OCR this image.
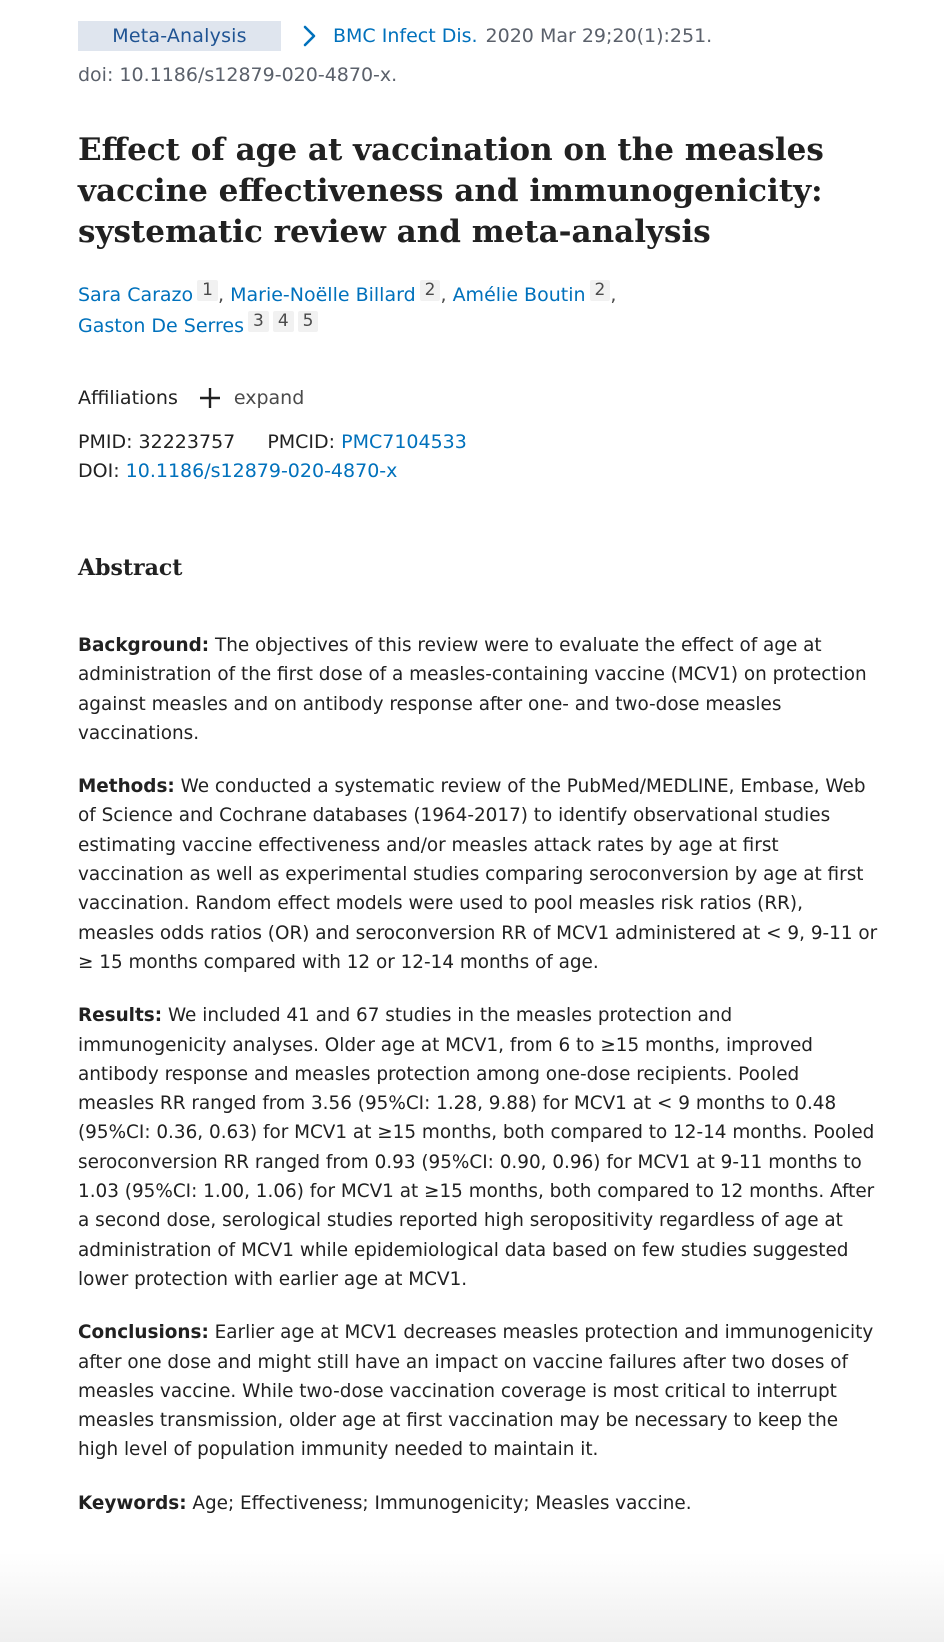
Meta-Analysis	BMC Infect Dis. 2020 Mar 29;20(1):251.
doi: 10.1186/s12879-020-4870-x.
Effect of age at vaccination on the measles vaccine effectiveness and immunogenicity: systematic review and meta-analysis
Sara Carazo 1 , Marie-Noëlle Billard 2 , Amélie Boutin 2 ,
Gaston De Serres 3 4 5
Affiliations	expand
PMID: 32223757 PMCID: PMC7104533
DOI: 10.1186/s12879-020-4870-x
Abstract

Background: The objectives of this review were to evaluate the effect of age at administration of the first dose of a measles-containing vaccine (MCV1) on protection against measles and on antibody response after one- and two-dose measles vaccinations.

Methods: We conducted a systematic review of the PubMed/MEDLINE, Embase, Web of Science and Cochrane databases (1964-2017) to identify observational studies estimating vaccine effectiveness and/or measles attack rates by age at first vaccination as well as experimental studies comparing seroconversion by age at first vaccination. Random effect models were used to pool measles risk ratios (RR), measles odds ratios (OR) and seroconversion RR of MCV1 administered at < 9, 9-11 or ≥ 15 months compared with 12 or 12-14 months of age.

Results: We included 41 and 67 studies in the measles protection and immunogenicity analyses. Older age at MCV1, from 6 to ≥15 months, improved antibody response and measles protection among one-dose recipients. Pooled measles RR ranged from 3.56 (95%CI: 1.28, 9.88) for MCV1 at < 9 months to 0.48 (95%CI: 0.36, 0.63) for MCV1 at ≥15 months, both compared to 12-14 months. Pooled seroconversion RR ranged from 0.93 (95%CI: 0.90, 0.96) for MCV1 at 9-11 months to 1.03 (95%CI: 1.00, 1.06) for MCV1 at ≥15 months, both compared to 12 months. After a second dose, serological studies reported high seropositivity regardless of age at administration of MCV1 while epidemiological data based on few studies suggested lower protection with earlier age at MCV1.

Conclusions: Earlier age at MCV1 decreases measles protection and immunogenicity after one dose and might still have an impact on vaccine failures after two doses of measles vaccine. While two-dose vaccination coverage is most critical to interrupt measles transmission, older age at first vaccination may be necessary to keep the high level of population immunity needed to maintain it.

Keywords: Age; Effectiveness; Immunogenicity; Measles vaccine.
